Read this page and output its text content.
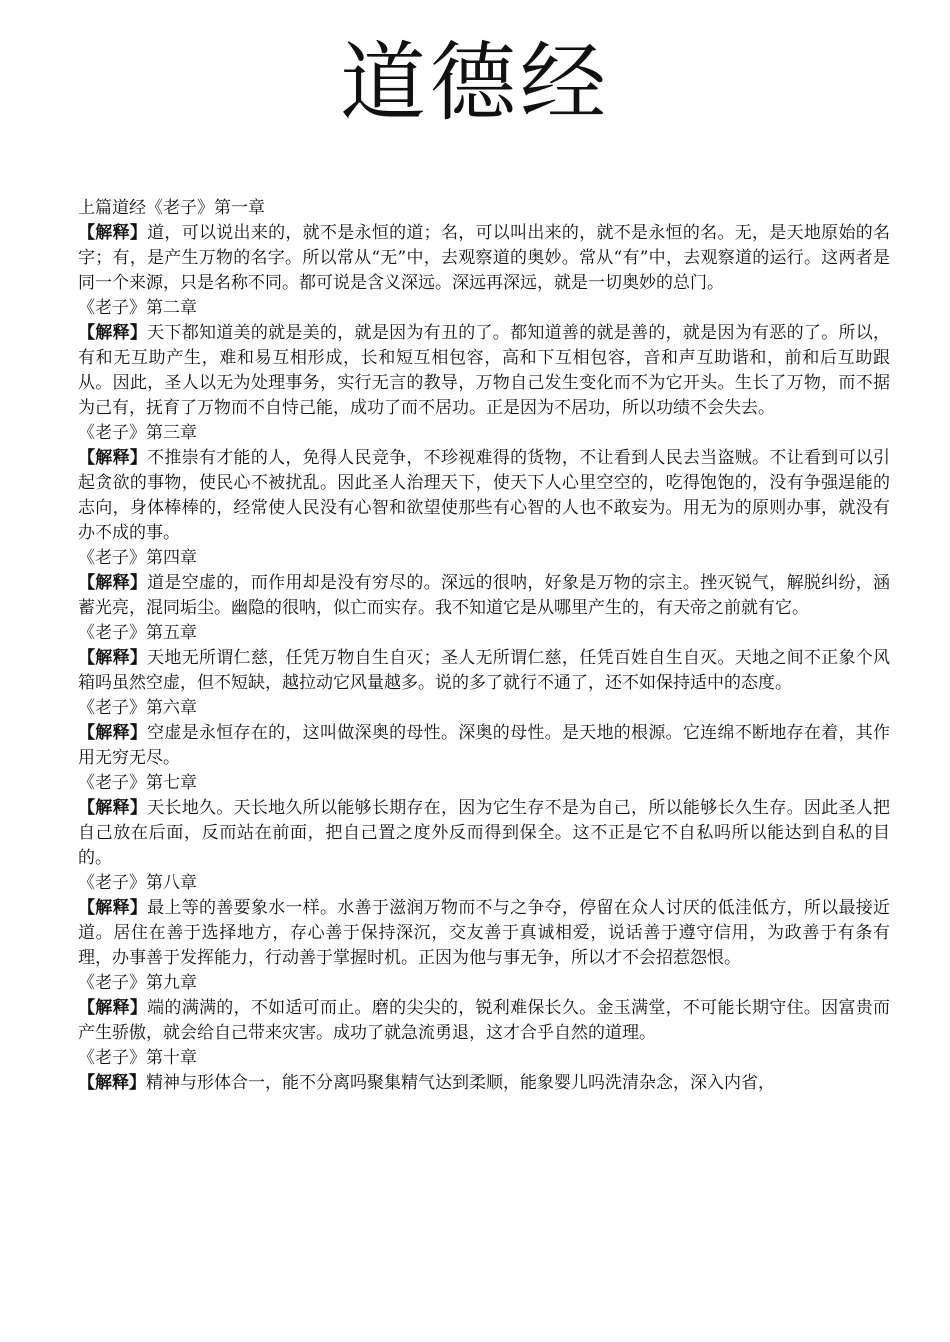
道德经

上篇道经《老子》第一章

【解释】道，可以说出来的，就不是永恒的道；名，可以叫出来的，就不是永恒的名。无，是天地原始的名字；有，是产生万物的名字。所以常从“无”中，去观察道的奥妙。常从“有”中，去观察道的运行。这两者是同一个来源，只是名称不同。都可说是含义深远。深远再深远，就是一切奥妙的总门。

《老子》第二章

【解释】天下都知道美的就是美的，就是因为有丑的了。都知道善的就是善的，就是因为有恶的了。所以，有和无互助产生，难和易互相形成，长和短互相包容，高和下互相包容，音和声互助谐和，前和后互助跟从。因此，圣人以无为处理事务，实行无言的教导，万物自己发生变化而不为它开头。生长了万物，而不据为己有，抚育了万物而不自恃己能，成功了而不居功。正是因为不居功，所以功绩不会失去。

《老子》第三章

【解释】不推崇有才能的人，免得人民竞争，不珍视难得的货物，不让看到人民去当盗贼。不让看到可以引起贪欲的事物，使民心不被扰乱。因此圣人治理天下，使天下人心里空空的，吃得饱饱的，没有争强逞能的志向，身体棒棒的，经常使人民没有心智和欲望使那些有心智的人也不敢妄为。用无为的原则办事，就没有办不成的事。

《老子》第四章

【解释】道是空虚的，而作用却是没有穷尽的。深远的很呐，好象是万物的宗主。挫灭锐气，解脱纠纷，涵蓄光亮，混同垢尘。幽隐的很呐，似亡而实存。我不知道它是从哪里产生的，有天帝之前就有它。

《老子》第五章

【解释】天地无所谓仁慈，任凭万物自生自灭；圣人无所谓仁慈，任凭百姓自生自灭。天地之间不正象个风箱吗虽然空虚，但不短缺，越拉动它风量越多。说的多了就行不通了，还不如保持适中的态度。

《老子》第六章

【解释】空虚是永恒存在的，这叫做深奥的母性。深奥的母性。是天地的根源。它连绵不断地存在着，其作用无穷无尽。

《老子》第七章

【解释】天长地久。天长地久所以能够长期存在，因为它生存不是为自己，所以能够长久生存。因此圣人把自己放在后面，反而站在前面，把自己置之度外反而得到保全。这不正是它不自私吗所以能达到自私的目的。

《老子》第八章

【解释】最上等的善要象水一样。水善于滋润万物而不与之争夺，停留在众人讨厌的低洼低方，所以最接近道。居住在善于选择地方，存心善于保持深沉，交友善于真诚相爱，说话善于遵守信用，为政善于有条有理，办事善于发挥能力，行动善于掌握时机。正因为他与事无争，所以才不会招惹怨恨。

《老子》第九章

【解释】端的满满的，不如适可而止。磨的尖尖的，锐利难保长久。金玉满堂，不可能长期守住。因富贵而产生骄傲，就会给自己带来灾害。成功了就急流勇退，这才合乎自然的道理。

《老子》第十章

【解释】精神与形体合一，能不分离吗聚集精气达到柔顺，能象婴儿吗洗清杂念，深入内省，
